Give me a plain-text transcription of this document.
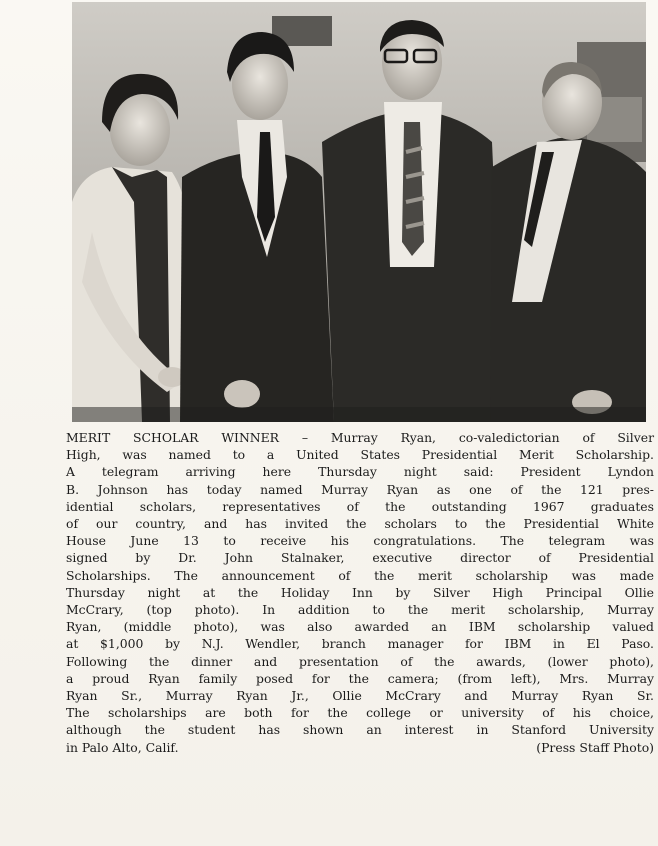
MERIT SCHOLAR WINNER – Murray Ryan, co-valedictorian of Silver
High, was named to a United States Presidential Merit Scholarship.
A telegram arriving here Thursday night said: President Lyndon
B. Johnson has today named Murray Ryan as one of the 121 pres-
idential scholars, representatives of the outstanding 1967 graduates
of our country, and has invited the scholars to the Presidential White
House June 13 to receive his congratulations. The telegram was
signed by Dr. John Stalnaker, executive director of Presidential
Scholarships. The announcement of the merit scholarship was made
Thursday night at the Holiday Inn by Silver High Principal Ollie
McCrary, (top photo). In addition to the merit scholarship, Murray
Ryan, (middle photo), was also awarded an IBM scholarship valued
at $1,000 by N.J. Wendler, branch manager for IBM in El Paso.
Following the dinner and presentation of the awards, (lower photo),
a proud Ryan family posed for the camera; (from left), Mrs. Murray
Ryan Sr., Murray Ryan Jr., Ollie McCrary and Murray Ryan Sr.
The scholarships are both for the college or university of his choice,
although the student has shown an interest in Stanford University
in Palo Alto, Calif.	(Press Staff Photo)
